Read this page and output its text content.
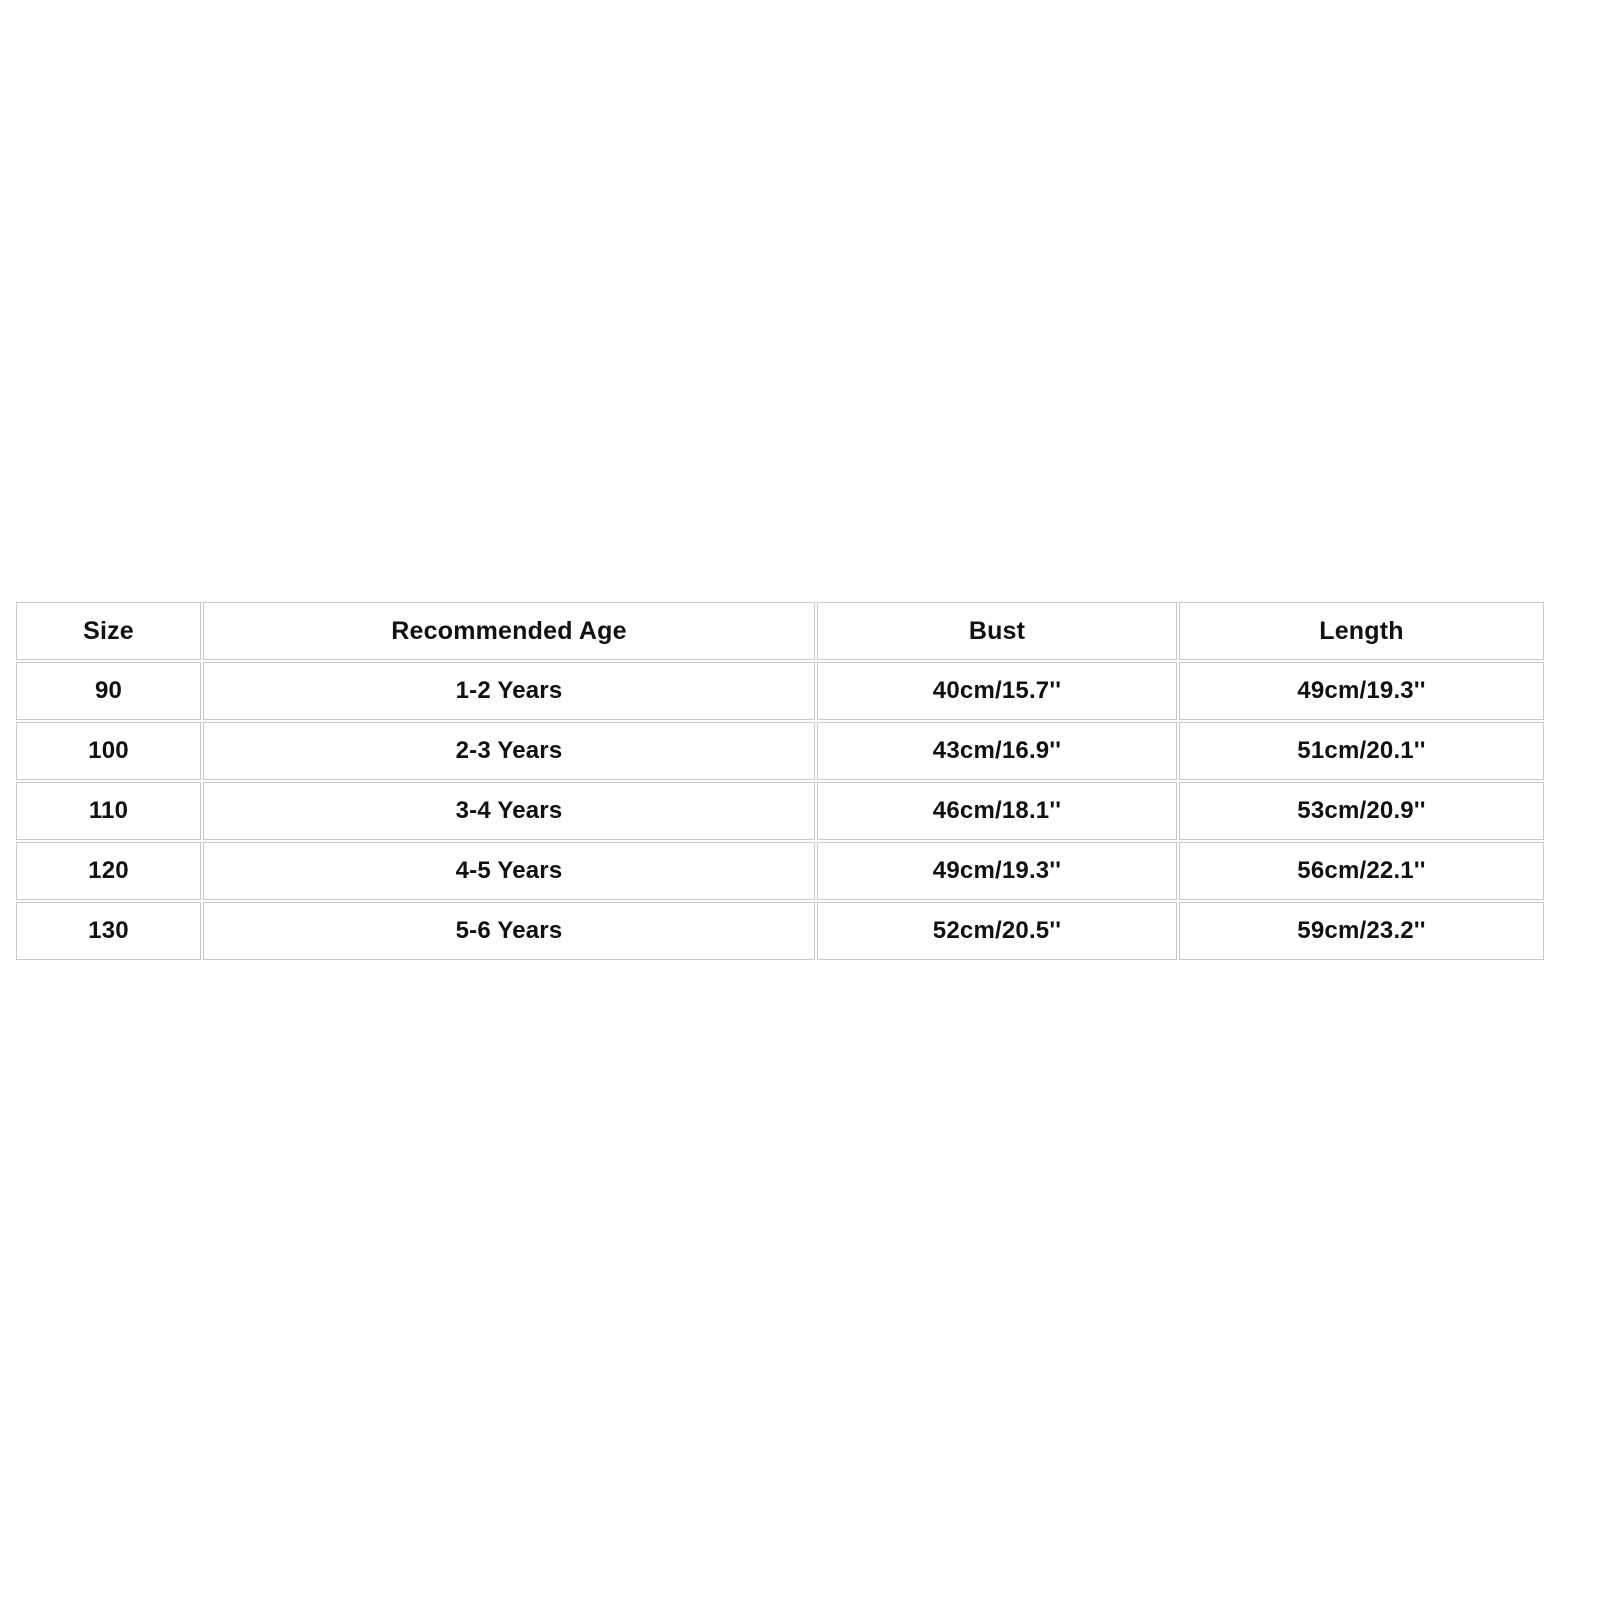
Size	Recommended Age	Bust	Length
90	1-2 Years	40cm/15.7''	49cm/19.3''
100	2-3 Years	43cm/16.9''	51cm/20.1''
110	3-4 Years	46cm/18.1''	53cm/20.9''
120	4-5 Years	49cm/19.3''	56cm/22.1''
130	5-6 Years	52cm/20.5''	59cm/23.2''
